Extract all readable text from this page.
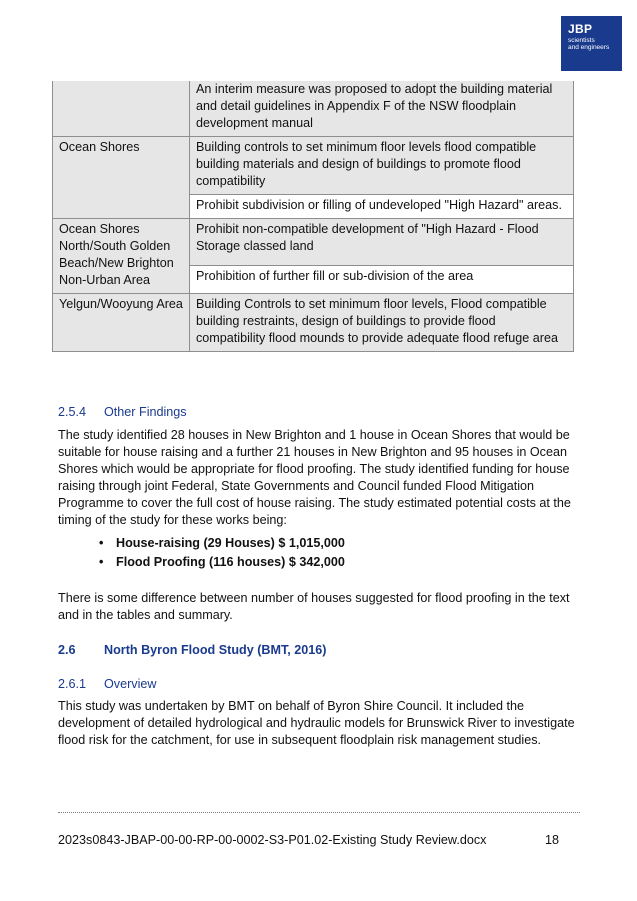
JBP
scientists
and engineers
	An interim measure was proposed to adopt the building material and detail guidelines in Appendix F of the NSW floodplain development manual
Ocean Shores	Building controls to set minimum floor levels flood compatible building materials and design of buildings to promote flood compatibility
	Prohibit subdivision or filling of undeveloped "High Hazard" areas.
Ocean Shores North/South Golden Beach/New Brighton Non-Urban Area	Prohibit non-compatible development of "High Hazard - Flood Storage classed land
	Prohibition of further fill or sub-division of the area
Yelgun/Wooyung Area	Building Controls to set minimum floor levels, Flood compatible building restraints, design of buildings to provide flood compatibility flood mounds to provide adequate flood refuge area
2.5.4 Other Findings

The study identified 28 houses in New Brighton and 1 house in Ocean Shores that would be suitable for house raising and a further 21 houses in New Brighton and 95 houses in Ocean Shores which would be appropriate for flood proofing. The study identified funding for house raising through joint Federal, State Governments and Council funded Flood Mitigation Programme to cover the full cost of house raising. The study estimated potential costs at the timing of the study for these works being:

• House-raising (29 Houses) $ 1,015,000
• Flood Proofing (116 houses) $ 342,000

There is some difference between number of houses suggested for flood proofing in the text and in the tables and summary.

2.6 North Byron Flood Study (BMT, 2016)
2.6.1 Overview

This study was undertaken by BMT on behalf of Byron Shire Council. It included the development of detailed hydrological and hydraulic models for Brunswick River to investigate flood risk for the catchment, for use in subsequent floodplain risk management studies.

2023s0843-JBAP-00-00-RP-00-0002-S3-P01.02-Existing Study Review.docx	18
